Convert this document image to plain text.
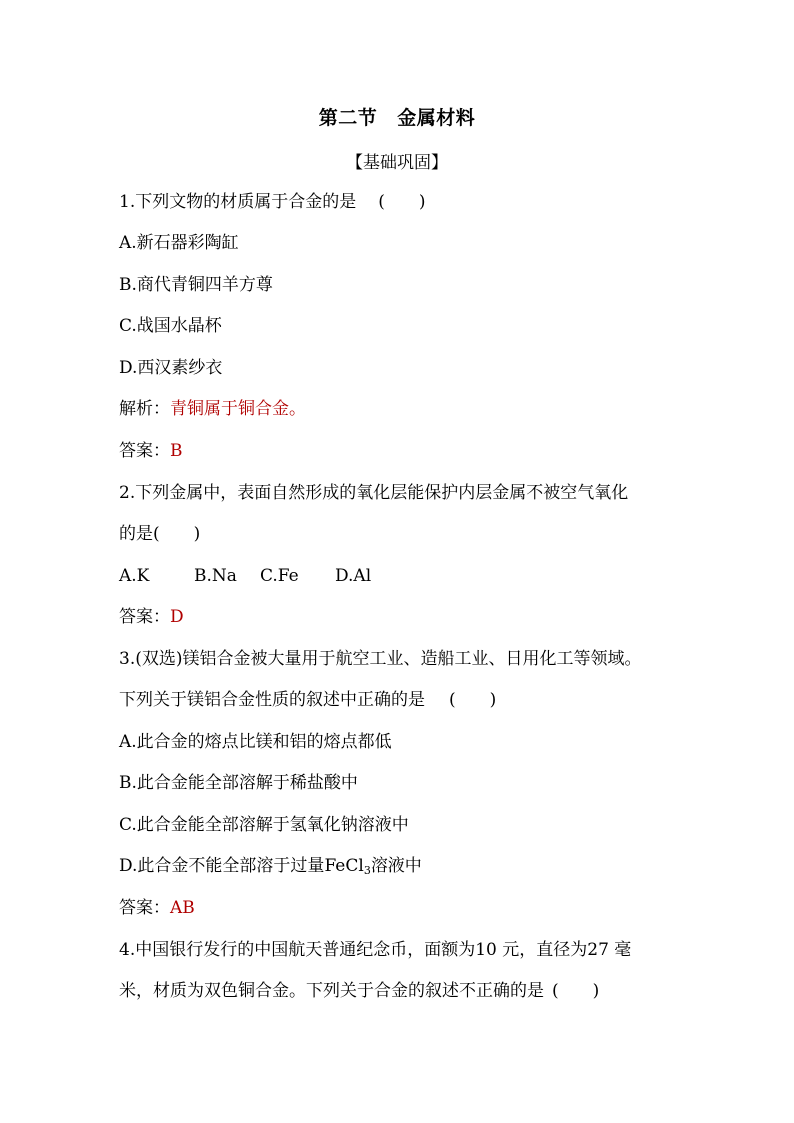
第二节 金属材料
【基础巩固】
1.下列文物的材质属于合金的是 (　　)
A.新石器彩陶缸
B.商代青铜四羊方尊
C.战国水晶杯
D.西汉素纱衣
解析：青铜属于铜合金。
答案：B
2.下列金属中，表面自然形成的氧化层能保护内层金属不被空气氧化
的是(　　)
A.K	B.Na C.Fe D.Al
答案：D
3.(双选)镁铝合金被大量用于航空工业、造船工业、日用化工等领域。
下列关于镁铝合金性质的叙述中正确的是 (　　)
A.此合金的熔点比镁和铝的熔点都低
B.此合金能全部溶解于稀盐酸中
C.此合金能全部溶解于氢氧化钠溶液中
D.此合金不能全部溶于过量FeCl$_3$溶液中
答案：AB
4.中国银行发行的中国航天普通纪念币，面额为10 元，直径为27 毫
米，材质为双色铜合金。下列关于合金的叙述不正确的是 (　　)
